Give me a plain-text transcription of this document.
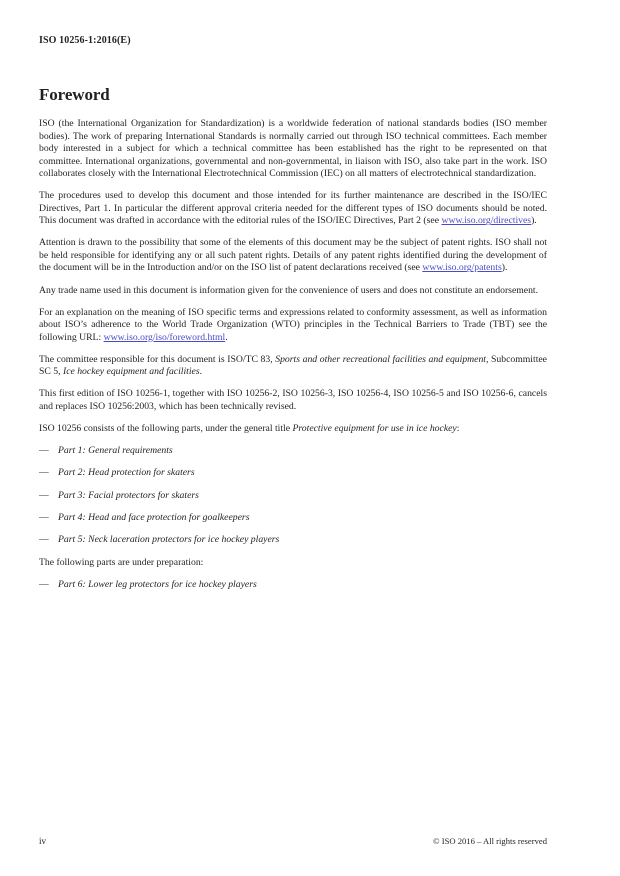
ISO 10256-1:2016(E)
Foreword

ISO (the International Organization for Standardization) is a worldwide federation of national standards bodies (ISO member bodies). The work of preparing International Standards is normally carried out through ISO technical committees. Each member body interested in a subject for which a technical committee has been established has the right to be represented on that committee. International organizations, governmental and non-governmental, in liaison with ISO, also take part in the work. ISO collaborates closely with the International Electrotechnical Commission (IEC) on all matters of electrotechnical standardization.

The procedures used to develop this document and those intended for its further maintenance are described in the ISO/IEC Directives, Part 1. In particular the different approval criteria needed for the different types of ISO documents should be noted. This document was drafted in accordance with the editorial rules of the ISO/IEC Directives, Part 2 (see www.iso.org/directives).

Attention is drawn to the possibility that some of the elements of this document may be the subject of patent rights. ISO shall not be held responsible for identifying any or all such patent rights. Details of any patent rights identified during the development of the document will be in the Introduction and/or on the ISO list of patent declarations received (see www.iso.org/patents).

Any trade name used in this document is information given for the convenience of users and does not constitute an endorsement.

For an explanation on the meaning of ISO specific terms and expressions related to conformity assessment, as well as information about ISO’s adherence to the World Trade Organization (WTO) principles in the Technical Barriers to Trade (TBT) see the following URL: www.iso.org/iso/foreword.html.

The committee responsible for this document is ISO/TC 83, Sports and other recreational facilities and equipment, Subcommittee SC 5, Ice hockey equipment and facilities.

This first edition of ISO 10256-1, together with ISO 10256-2, ISO 10256-3, ISO 10256-4, ISO 10256-5 and ISO 10256-6, cancels and replaces ISO 10256:2003, which has been technically revised.

ISO 10256 consists of the following parts, under the general title Protective equipment for use in ice hockey:

— Part 1: General requirements
— Part 2: Head protection for skaters
— Part 3: Facial protectors for skaters
— Part 4: Head and face protection for goalkeepers
— Part 5: Neck laceration protectors for ice hockey players

The following parts are under preparation:

— Part 6: Lower leg protectors for ice hockey players
iv	© ISO 2016 – All rights reserved
